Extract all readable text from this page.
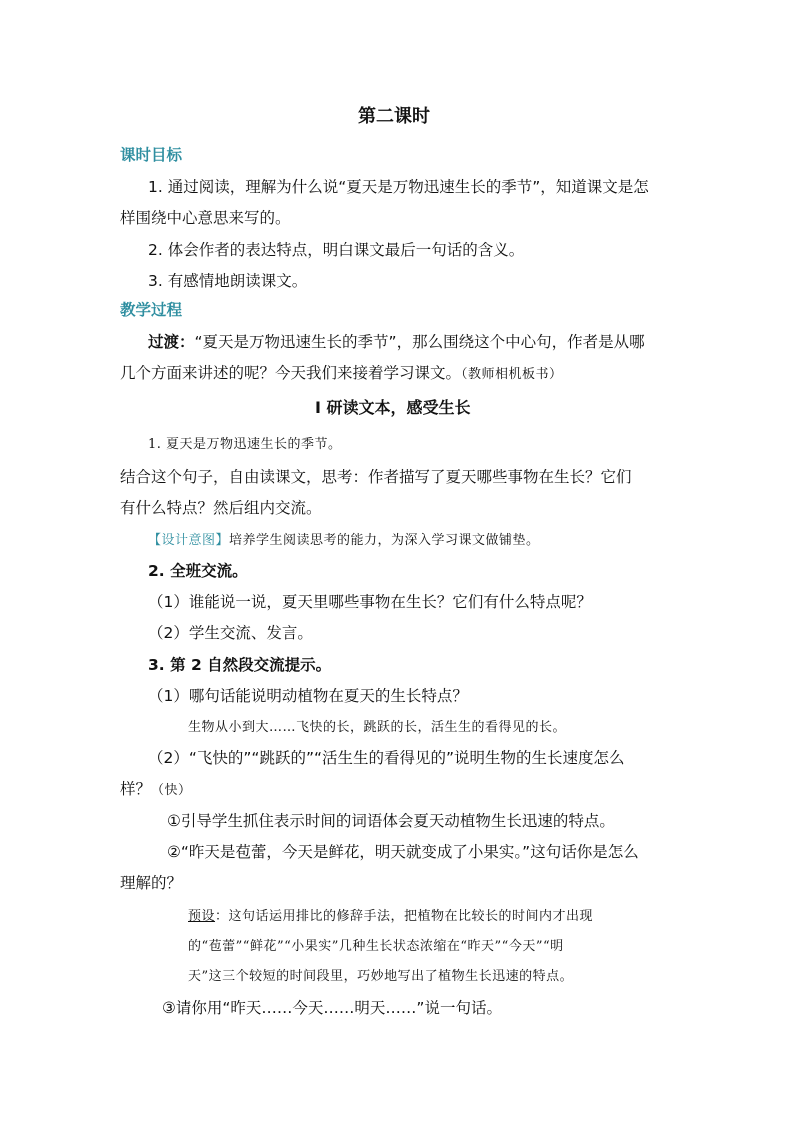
第二课时
课时目标
1. 通过阅读，理解为什么说“夏天是万物迅速生长的季节”，知道课文是怎
样围绕中心意思来写的。
2. 体会作者的表达特点，明白课文最后一句话的含义。
3. 有感情地朗读课文。
教学过程
过渡：“夏天是万物迅速生长的季节”，那么围绕这个中心句，作者是从哪
几个方面来讲述的呢？今天我们来接着学习课文。（教师相机板书）
Ⅰ 研读文本，感受生长
1. 夏天是万物迅速生长的季节。
结合这个句子，自由读课文，思考：作者描写了夏天哪些事物在生长？它们
有什么特点？然后组内交流。
【设计意图】培养学生阅读思考的能力，为深入学习课文做铺垫。
2. 全班交流。
（1）谁能说一说，夏天里哪些事物在生长？它们有什么特点呢？
（2）学生交流、发言。
3. 第 2 自然段交流提示。
（1）哪句话能说明动植物在夏天的生长特点？
生物从小到大……飞快的长，跳跃的长，活生生的看得见的长。
（2）“飞快的”“跳跃的”“活生生的看得见的”说明生物的生长速度怎么
样？（快）
①引导学生抓住表示时间的词语体会夏天动植物生长迅速的特点。
②“昨天是苞蕾，今天是鲜花，明天就变成了小果实。”这句话你是怎么
理解的？
预设：这句话运用排比的修辞手法，把植物在比较长的时间内才出现
的“苞蕾”“鲜花”“小果实”几种生长状态浓缩在“昨天”“今天”“明
天”这三个较短的时间段里，巧妙地写出了植物生长迅速的特点。
③请你用“昨天……今天……明天……”说一句话。
